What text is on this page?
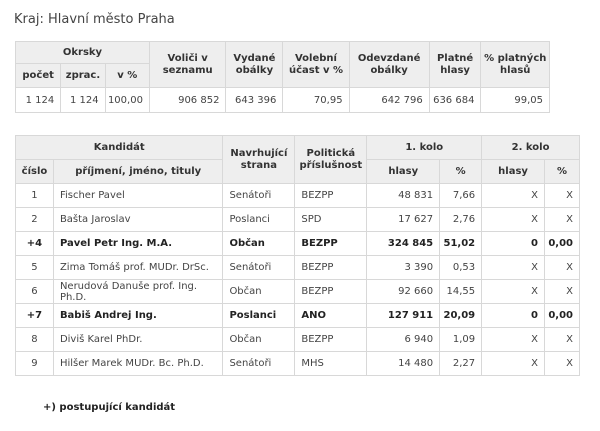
Kraj: Hlavní město Praha
Okrsky			Voliči v seznamu	Vydané obálky	Volební účast v %	Odevzdané obálky	Platné hlasy	% platných hlasů
počet	zprac.	v %						
1 124	1 124	100,00	906 852	643 396	70,95	642 796	636 684	99,05
Kandidát		Navrhující strana	Politická příslušnost	1. kolo		2. kolo	
číslo	příjmení, jméno, tituly			hlasy	%	hlasy	%
1	Fischer Pavel	Senátoři	BEZPP	48 831	7,66	X	X
2	Bašta Jaroslav	Poslanci	SPD	17 627	2,76	X	X
+4	Pavel Petr Ing. M.A.	Občan	BEZPP	324 845	51,02	0	0,00
5	Zima Tomáš prof. MUDr. DrSc.	Senátoři	BEZPP	3 390	0,53	X	X
6	Nerudová Danuše prof. Ing. Ph.D.	Občan	BEZPP	92 660	14,55	X	X
+7	Babiš Andrej Ing.	Poslanci	ANO	127 911	20,09	0	0,00
8	Diviš Karel PhDr.	Občan	BEZPP	6 940	1,09	X	X
9	Hilšer Marek MUDr. Bc. Ph.D.	Senátoři	MHS	14 480	2,27	X	X
+) postupující kandidát
